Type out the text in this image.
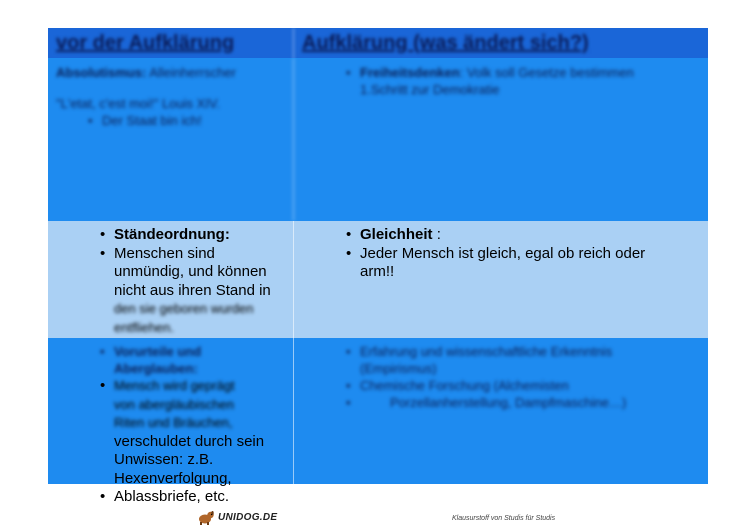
vor der Aufklärung	Aufklärung (was ändert sich?)
Absolutismus: Alleinherrscher
"L'etat, c'est moi!" Louis XIV.
• Der Staat bin ich!
• Freiheitsdenken: Volk soll Gesetze bestimmen 1.Schritt zur Demokratie
• Ständeordnung:
• Menschen sind
unmündig, und können
nicht aus ihren Stand in
den sie geboren wurden
entfliehen.
• Gleichheit :
• Jeder Mensch ist gleich, egal ob reich oder arm!!
• Vorurteile und
Aberglauben:
• Mensch wird geprägt
von abergläubischen
Riten und Bräuchen,
verschuldet durch sein
Unwissen: z.B.
Hexenverfolgung,
• Ablassbriefe, etc.
• Erfahrung und wissenschaftliche Erkenntnis (Empirismus)
• Chemische Forschung (Alchemisten
• Porzellanherstellung, Dampfmaschine…)
UNIDOG.DE	Klausurstoff von Studis für Studis
